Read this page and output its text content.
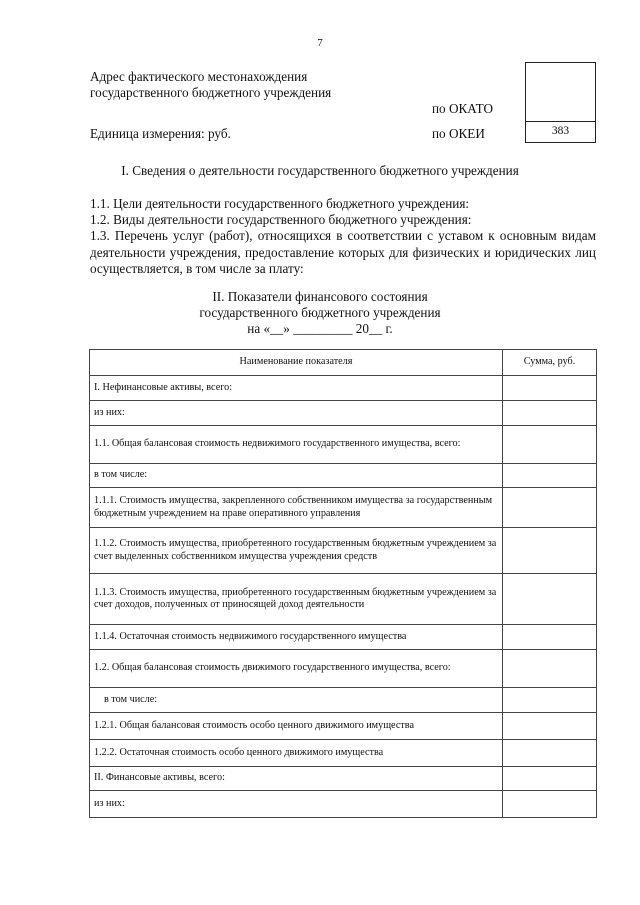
7
Адрес фактического местонахождения
государственного бюджетного учреждения
по ОКАТО
Единица измерения: руб.	по ОКЕИ	383
I. Сведения о деятельности государственного бюджетного учреждения
1.1. Цели деятельности государственного бюджетного учреждения:
1.2. Виды деятельности государственного бюджетного учреждения:
1.3. Перечень услуг (работ), относящихся в соответствии с уставом к основным видам деятельности учреждения, предоставление которых для физических и юридических лиц осуществляется, в том числе за плату:
II. Показатели финансового состояния
государственного бюджетного учреждения
на «__» _________ 20__ г.
Наименование показателя	Сумма, руб.
I. Нефинансовые активы, всего:	
из них:	
1.1. Общая балансовая стоимость недвижимого государственного имущества, всего:	
в том числе:	
1.1.1. Стоимость имущества, закрепленного собственником имущества за государственным бюджетным учреждением на праве оперативного управления	
1.1.2. Стоимость имущества, приобретенного государственным бюджетным учреждением за счет выделенных собственником имущества учреждения средств	
1.1.3. Стоимость имущества, приобретенного государственным бюджетным учреждением за счет доходов, полученных от приносящей доход деятельности	
1.1.4. Остаточная стоимость недвижимого государственного имущества	
1.2. Общая балансовая стоимость движимого государственного имущества, всего:	
в том числе:	
1.2.1. Общая балансовая стоимость особо ценного движимого имущества	
1.2.2. Остаточная стоимость особо ценного движимого имущества	
II. Финансовые активы, всего:	
из них:	
